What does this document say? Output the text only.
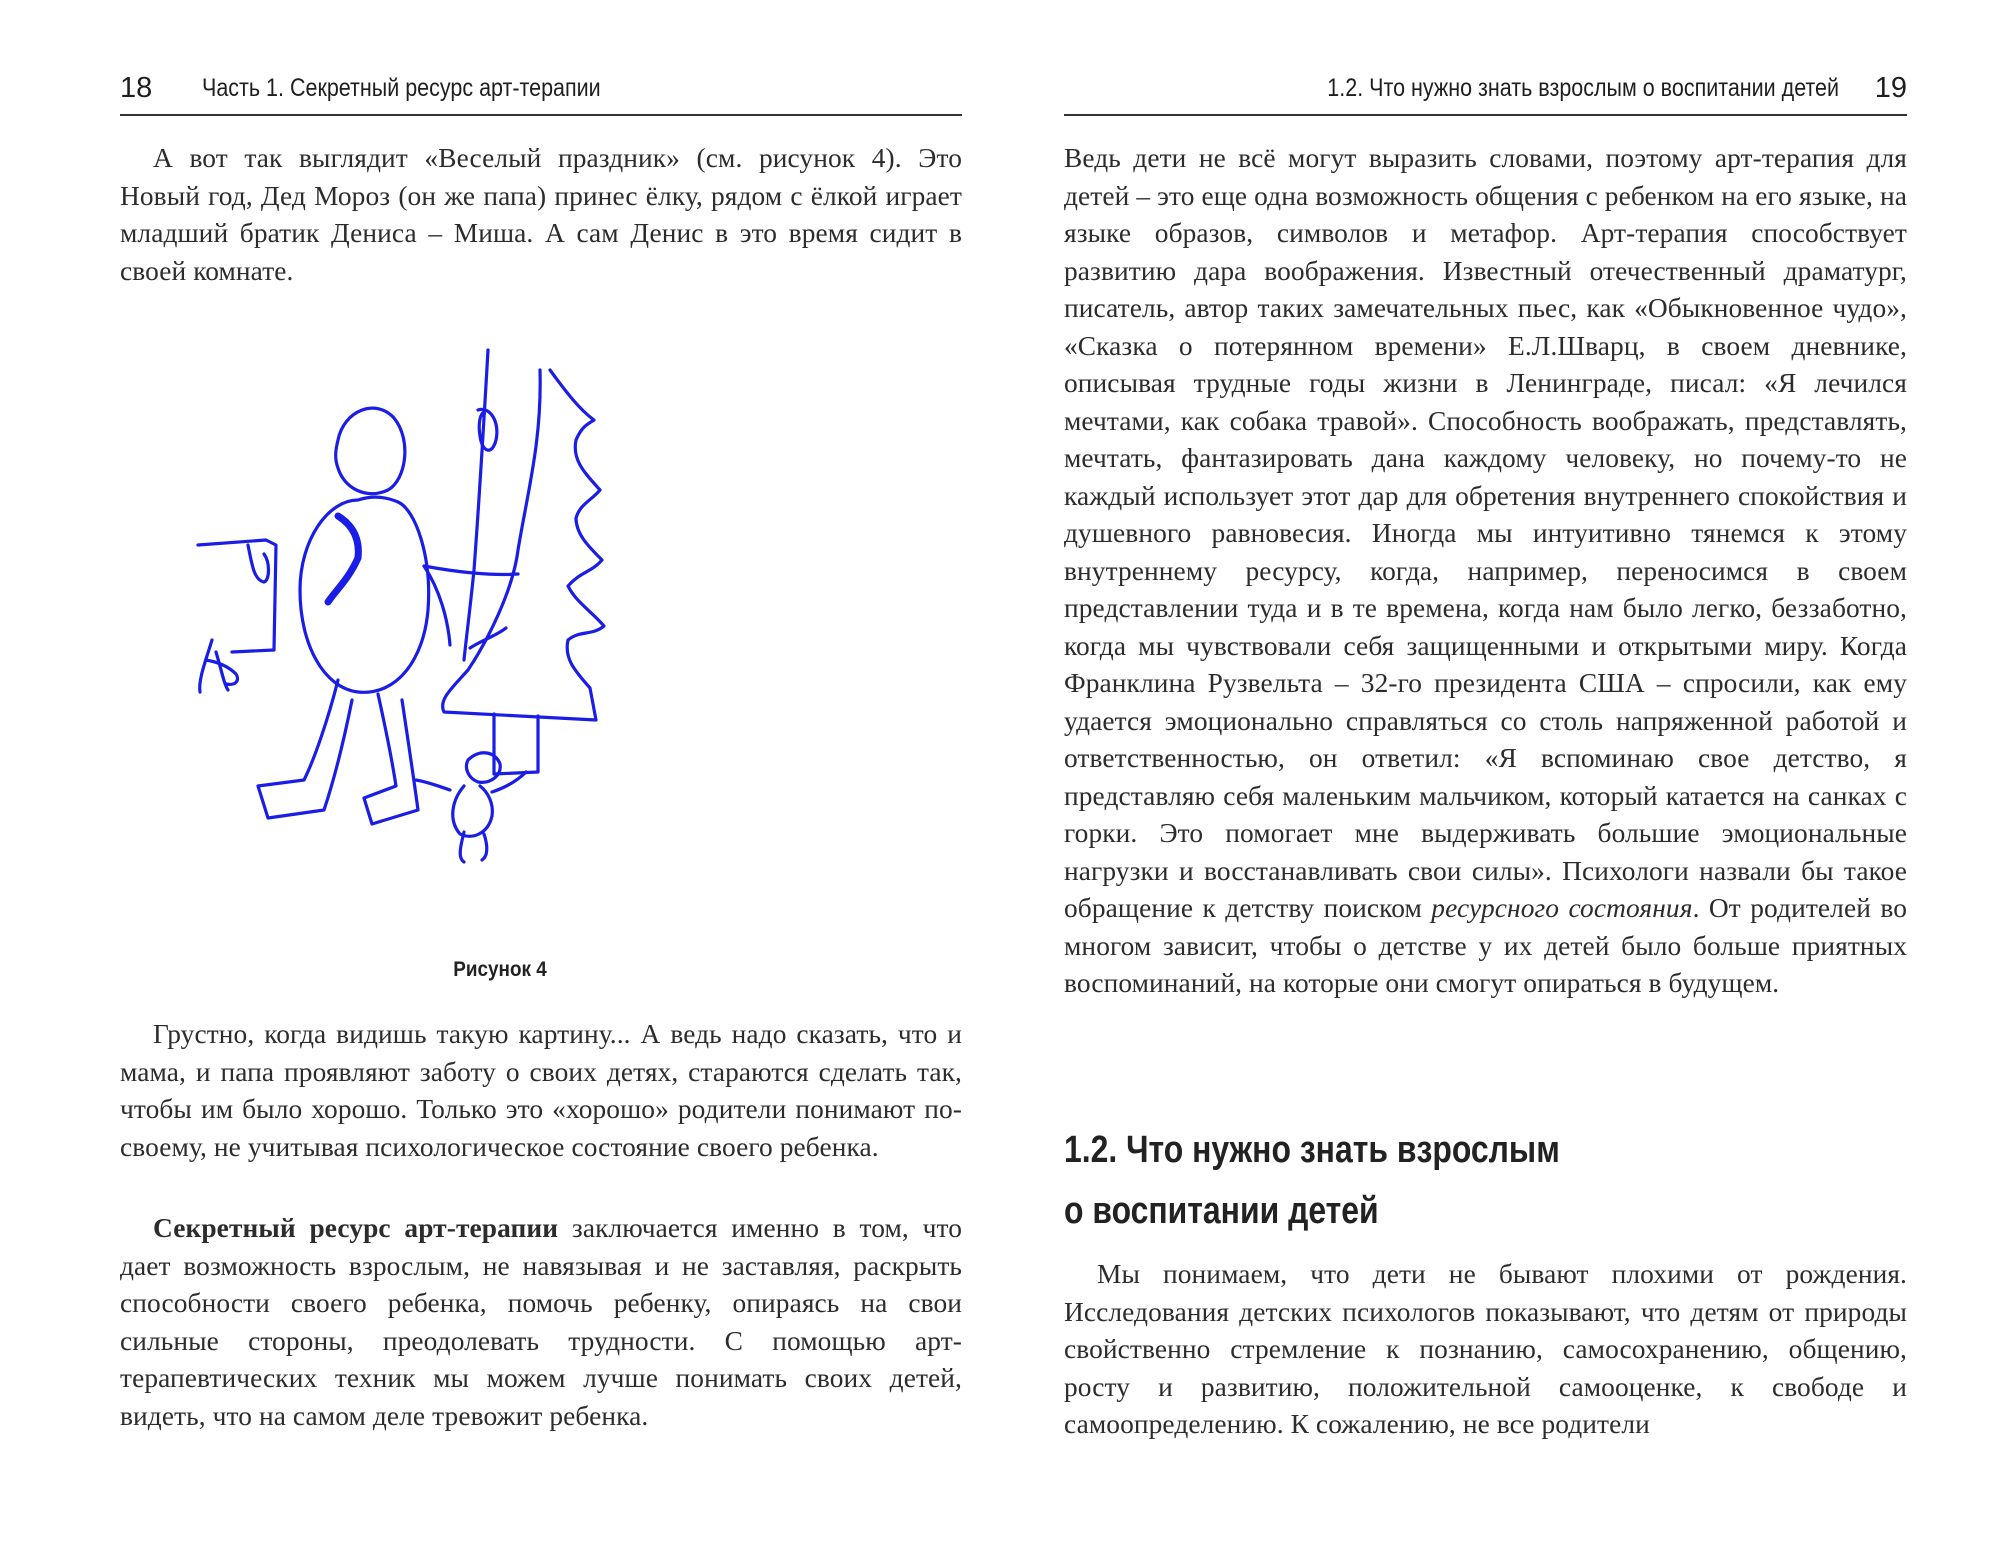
18 Часть 1. Секретный ресурс арт-терапии

А вот так выглядит «Веселый праздник» (см. рисунок 4). Это Новый год, Дед Мороз (он же папа) принес ёлку, рядом с ёлкой играет младший братик Дениса – Миша. А сам Денис в это время сидит в своей комнате.

Рисунок 4

Грустно, когда видишь такую картину... А ведь надо сказать, что и мама, и папа проявляют заботу о своих детях, стараются сделать так, чтобы им было хорошо. Только это «хорошо» родители понимают по-своему, не учитывая психологическое состояние своего ребенка.

Секретный ресурс арт-терапии заключается именно в том, что дает возможность взрослым, не навязывая и не заставляя, раскрыть способности своего ребенка, помочь ребенку, опираясь на свои сильные стороны, преодолевать трудности. С помощью арт-терапевтических техник мы можем лучше понимать своих детей, видеть, что на самом деле тревожит ребенка.

1.2. Что нужно знать взрослым о воспитании детей 19

Ведь дети не всё могут выразить словами, поэтому арт-терапия для детей – это еще одна возможность общения с ребенком на его языке, на языке образов, символов и метафор. Арт-терапия способствует развитию дара воображения. Известный отечественный драматург, писатель, автор таких замечательных пьес, как «Обыкновенное чудо», «Сказка о потерянном времени» Е.Л.Шварц, в своем дневнике, описывая трудные годы жизни в Ленинграде, писал: «Я лечился мечтами, как собака травой». Способность воображать, представлять, мечтать, фантазировать дана каждому человеку, но почему-то не каждый использует этот дар для обретения внутреннего спокойствия и душевного равновесия. Иногда мы интуитивно тянемся к этому внутреннему ресурсу, когда, например, переносимся в своем представлении туда и в те времена, когда нам было легко, беззаботно, когда мы чувствовали себя защищенными и открытыми миру. Когда Франклина Рузвельта – 32-го президента США – спросили, как ему удается эмоционально справляться со столь напряженной работой и ответственностью, он ответил: «Я вспоминаю свое детство, я представляю себя маленьким мальчиком, который катается на санках с горки. Это помогает мне выдерживать большие эмоциональные нагрузки и восстанавливать свои силы». Психологи назвали бы такое обращение к детству поиском ресурсного состояния. От родителей во многом зависит, чтобы о детстве у их детей было больше приятных воспоминаний, на которые они смогут опираться в будущем.

1.2. Что нужно знать взрослым
о воспитании детей

Мы понимаем, что дети не бывают плохими от рождения. Исследования детских психологов показывают, что детям от природы свойственно стремление к познанию, самосохранению, общению, росту и развитию, положительной самооценке, к свободе и самоопределению. К сожалению, не все родители
